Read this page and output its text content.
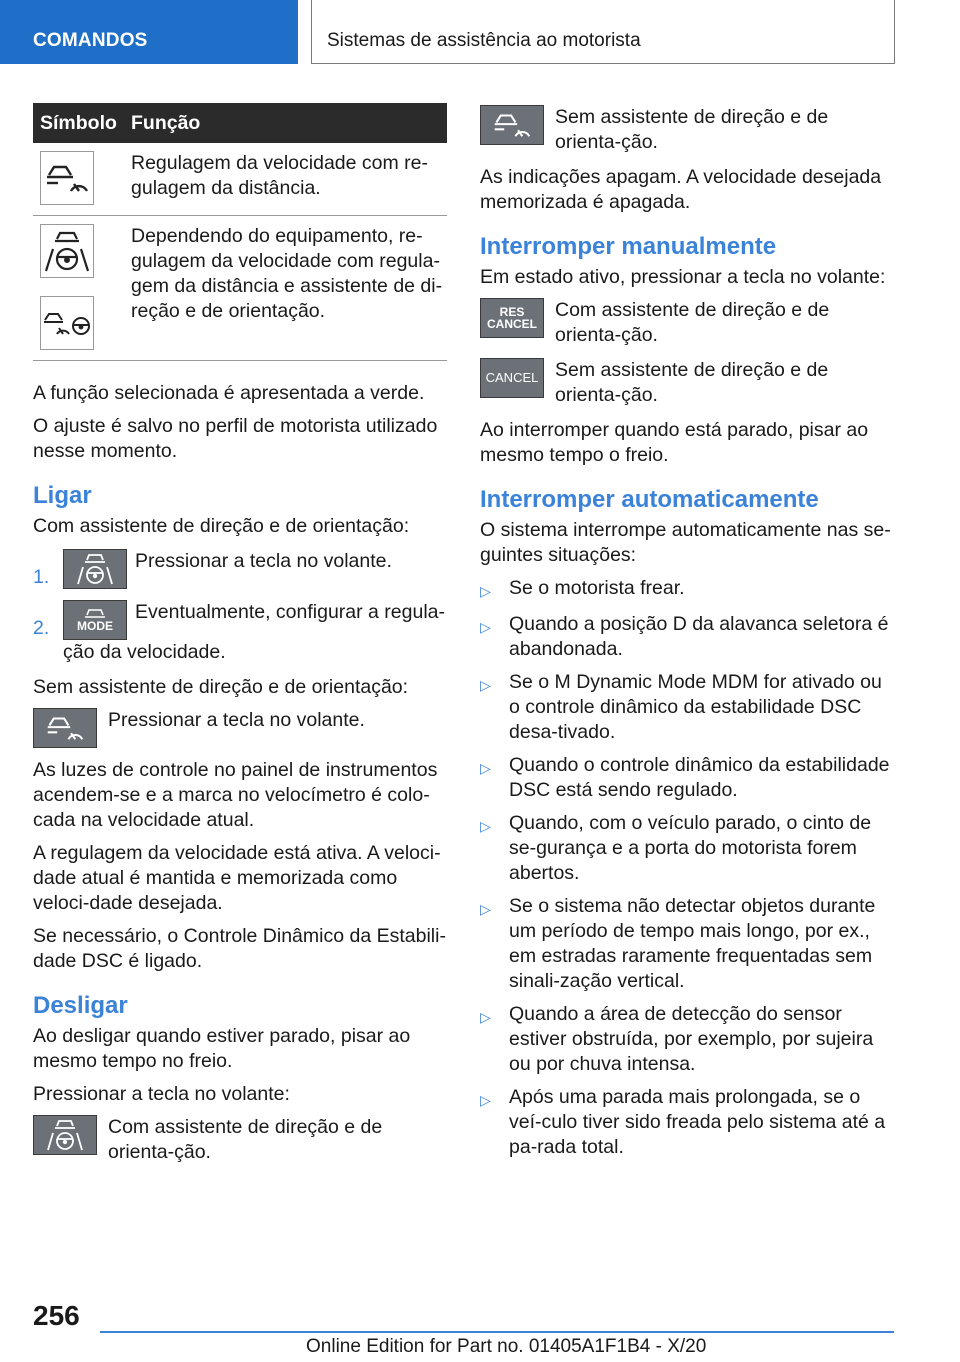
COMANDOS	Sistemas de assistência ao motorista
Símbolo Função
Regulagem da velocidade com re-gulagem da distância.
Dependendo do equipamento, re-gulagem da velocidade com regula-gem da distância e assistente de di-reção e de orientação.

A função selecionada é apresentada a verde.

O ajuste é salvo no perfil de motorista utilizado nesse momento.

Ligar

Com assistente de direção e de orientação:

1.
Pressionar a tecla no volante.
2.	MODE
Eventualmente, configurar a regula-ção da velocidade.

Sem assistente de direção e de orientação:

Pressionar a tecla no volante.

As luzes de controle no painel de instrumentos acendem-se e a marca no velocímetro é colo-cada na velocidade atual.

A regulagem da velocidade está ativa. A veloci-dade atual é mantida e memorizada como veloci-dade desejada.

Se necessário, o Controle Dinâmico da Estabili-dade DSC é ligado.

Desligar

Ao desligar quando estiver parado, pisar ao mesmo tempo no freio.

Pressionar a tecla no volante:

Com assistente de direção e de orienta-ção.
Sem assistente de direção e de orienta-ção.

As indicações apagam. A velocidade desejada memorizada é apagada.

Interromper manualmente

Em estado ativo, pressionar a tecla no volante:

RES
CANCEL
Com assistente de direção e de orienta-ção.
CANCEL Sem assistente de direção e de orienta-ção.

Ao interromper quando está parado, pisar ao mesmo tempo o freio.

Interromper automaticamente

O sistema interrompe automaticamente nas se-guintes situações:

▷ Se o motorista frear.
▷ Quando a posição D da alavanca seletora é abandonada.
▷ Se o M Dynamic Mode MDM for ativado ou o controle dinâmico da estabilidade DSC desa-tivado.
▷ Quando o controle dinâmico da estabilidade DSC está sendo regulado.
▷ Quando, com o veículo parado, o cinto de se-gurança e a porta do motorista forem abertos.
▷ Se o sistema não detectar objetos durante um período de tempo mais longo, por ex., em estradas raramente frequentadas sem sinali-zação vertical.
▷ Quando a área de detecção do sensor estiver obstruída, por exemplo, por sujeira ou por chuva intensa.
▷ Após uma parada mais prolongada, se o veí-culo tiver sido freada pelo sistema até a pa-rada total.
256
Online Edition for Part no. 01405A1F1B4 - X/20
